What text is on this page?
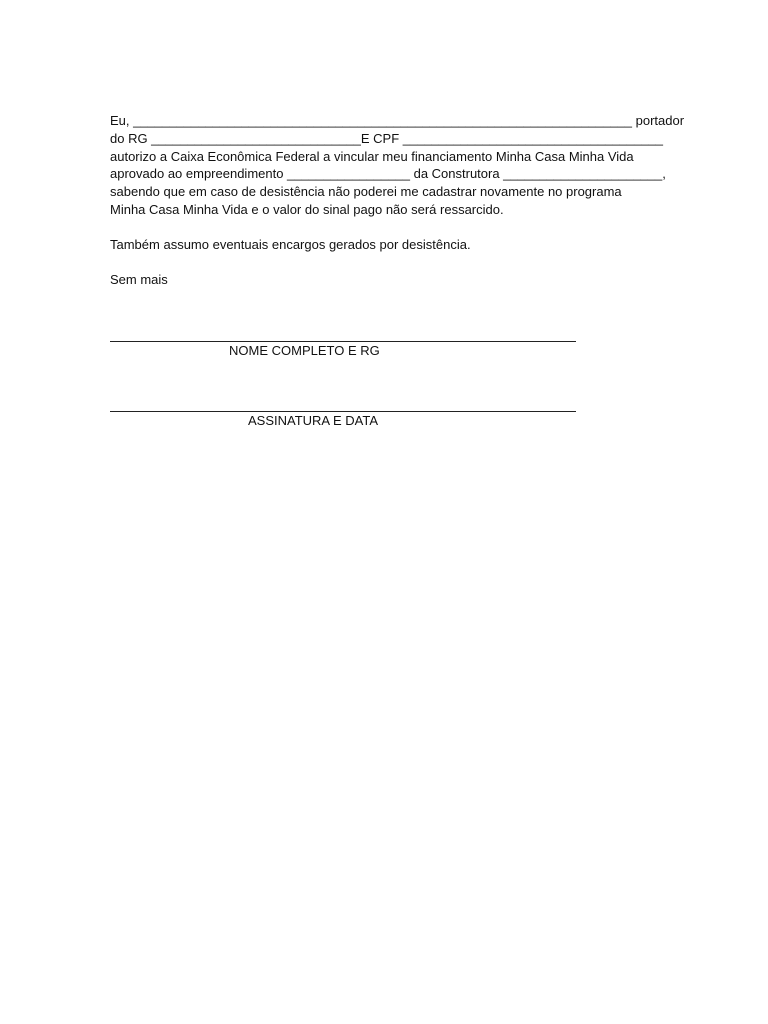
Eu, _____________________________________________________________________ portador
do RG _____________________________E CPF ____________________________________
autorizo a Caixa Econômica Federal a vincular meu financiamento Minha Casa Minha Vida
aprovado ao empreendimento _________________ da Construtora ______________________,
sabendo que em caso de desistência não poderei me cadastrar novamente no programa
Minha Casa Minha Vida e o valor do sinal pago não será ressarcido.
Também assumo eventuais encargos gerados por desistência.
Sem mais
NOME COMPLETO E RG
ASSINATURA E DATA
